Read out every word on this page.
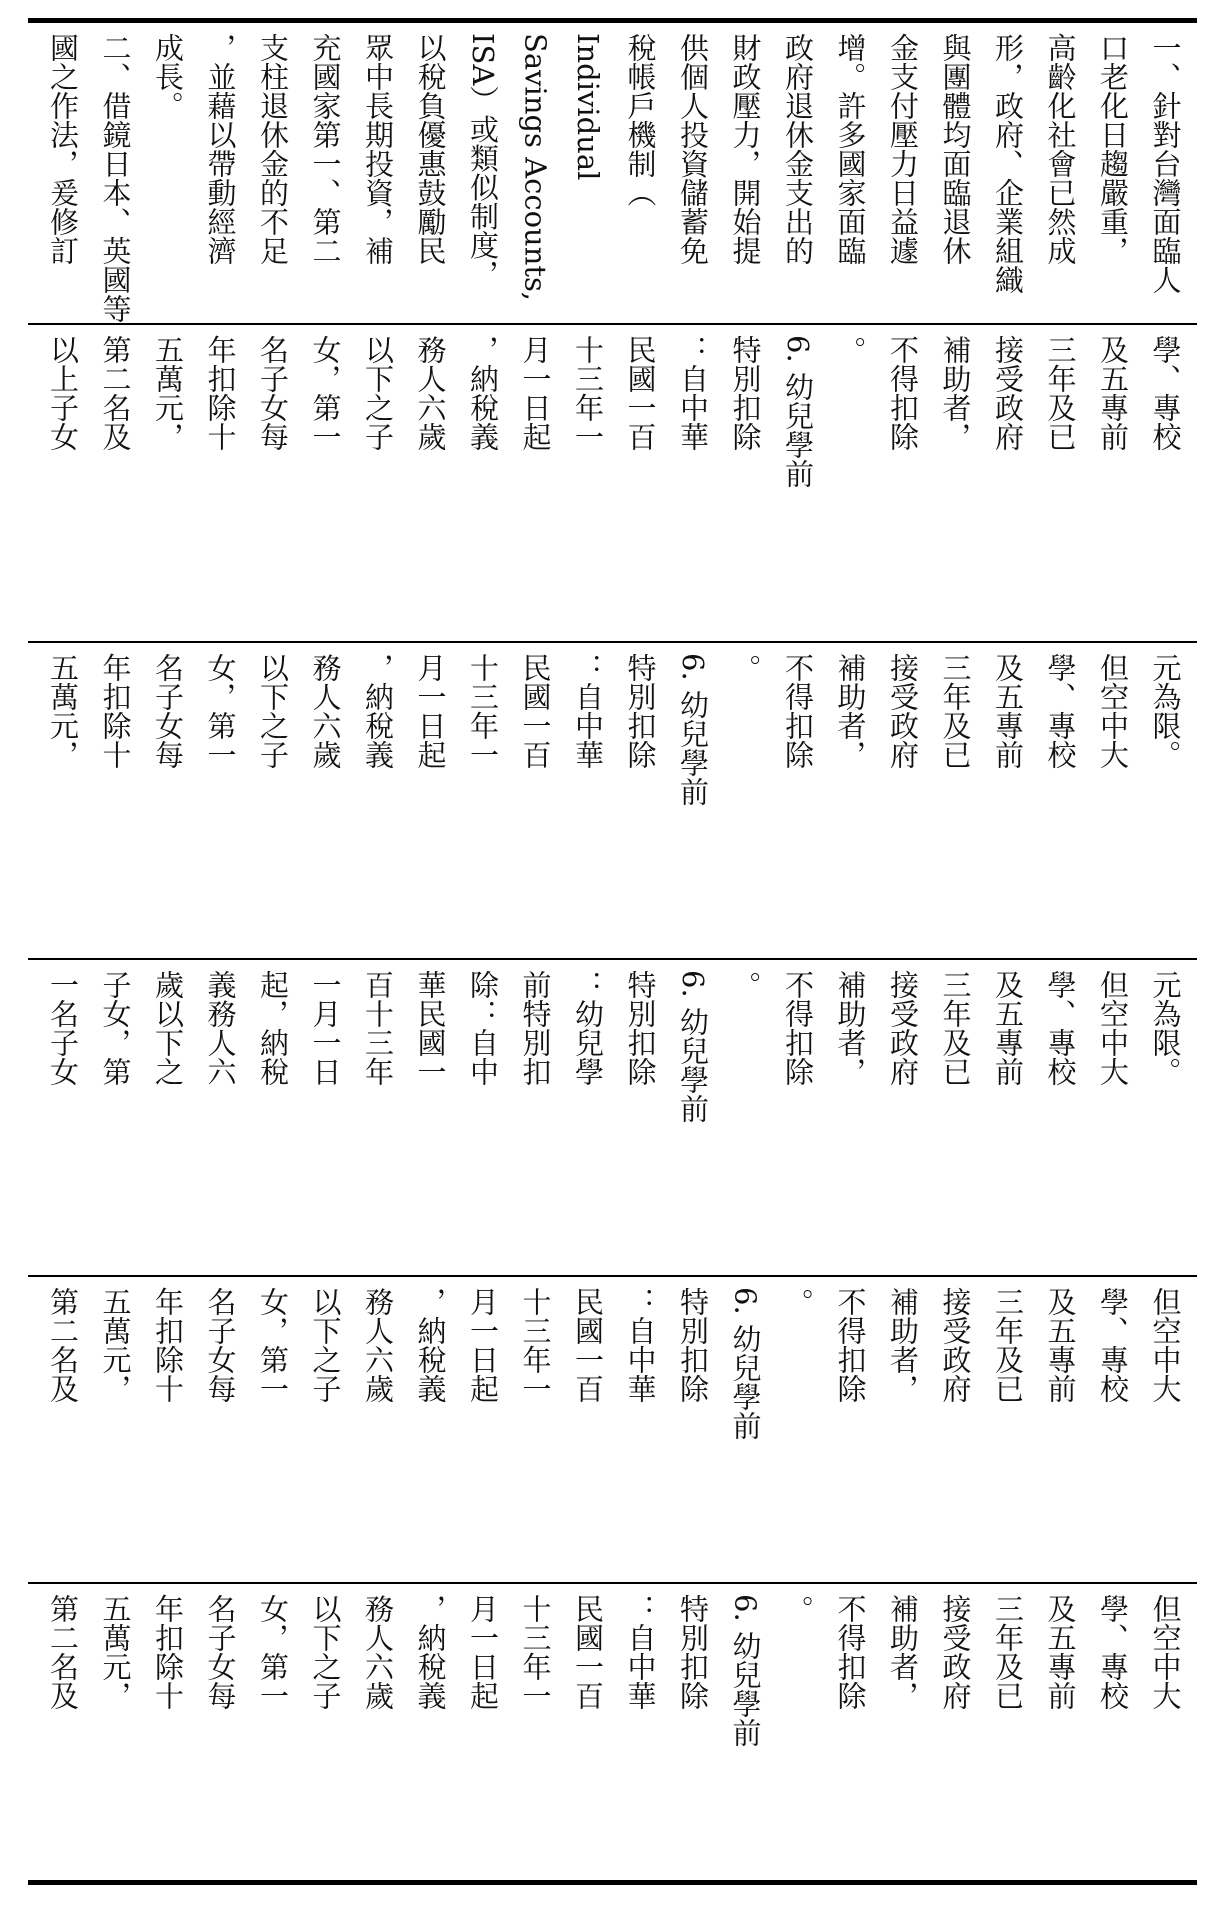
一、針對台灣面臨人
口老化日趨嚴重，
高齡化社會已然成
形，政府、企業組織
與團體均面臨退休
金支付壓力日益遽
增。許多國家面臨
政府退休金支出的
財政壓力，開始提
供個人投資儲蓄免
稅帳戶機制（
Individual
Savings Accounts,
ISA）或類似制度，
以稅負優惠鼓勵民
眾中長期投資，補
充國家第一、第二
支柱退休金的不足
，並藉以帶動經濟
成長。
二、借鏡日本、英國等
國之作法，爰修訂
學、專校
及五專前
三年及已
接受政府
補助者，
不得扣除
。
6. 幼兒學前
特別扣除
：自中華
民國一百
十三年一
月一日起
，納稅義
務人六歲
以下之子
女，第一
名子女每
年扣除十
五萬元，
第二名及
以上子女
元為限。
但空中大
學、專校
及五專前
三年及已
接受政府
補助者，
不得扣除
。
6. 幼兒學前
特別扣除
：自中華
民國一百
十三年一
月一日起
，納稅義
務人六歲
以下之子
女，第一
名子女每
年扣除十
五萬元，
元為限。
但空中大
學、專校
及五專前
三年及已
接受政府
補助者，
不得扣除
。
6. 幼兒學前
特別扣除
：幼兒學
前特別扣
除：自中
華民國一
百十三年
一月一日
起，納稅
義務人六
歲以下之
子女，第
一名子女
但空中大
學、專校
及五專前
三年及已
接受政府
補助者，
不得扣除
。
6. 幼兒學前
特別扣除
：自中華
民國一百
十三年一
月一日起
，納稅義
務人六歲
以下之子
女，第一
名子女每
年扣除十
五萬元，
第二名及
但空中大
學、專校
及五專前
三年及已
接受政府
補助者，
不得扣除
。
6. 幼兒學前
特別扣除
：自中華
民國一百
十三年一
月一日起
，納稅義
務人六歲
以下之子
女，第一
名子女每
年扣除十
五萬元，
第二名及
